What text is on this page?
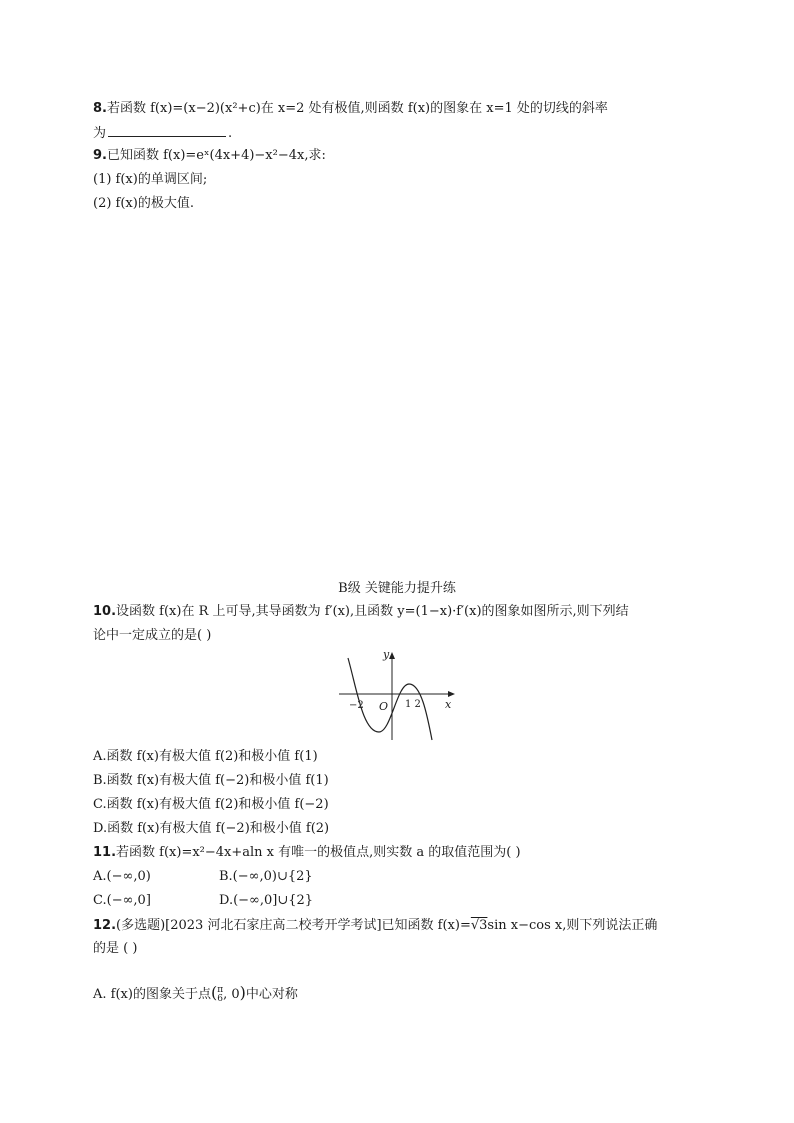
8.若函数 f(x)=(x−2)(x²+c)在 x=2 处有极值,则函数 f(x)的图象在 x=1 处的切线的斜率
为	.
9.已知函数 f(x)=eˣ(4x+4)−x²−4x,求:
(1) f(x)的单调区间;
(2) f(x)的极大值.
B级 关键能力提升练
10.设函数 f(x)在 R 上可导,其导函数为 f′(x),且函数 y=(1−x)·f′(x)的图象如图所示,则下列结
论中一定成立的是( )
y
x
−2 O 1 2
A.函数 f(x)有极大值 f(2)和极小值 f(1)
B.函数 f(x)有极大值 f(−2)和极小值 f(1)
C.函数 f(x)有极大值 f(2)和极小值 f(−2)
D.函数 f(x)有极大值 f(−2)和极小值 f(2)
11.若函数 f(x)=x²−4x+aln x 有唯一的极值点,则实数 a 的取值范围为( )
A.(−∞,0)	B.(−∞,0)∪{2}
C.(−∞,0]	D.(−∞,0]∪{2}
12.(多选题)[2023 河北石家庄高二校考开学考试]已知函数 f(x)=√3sin x−cos x,则下列说法正确
的是 ( )
A. f(x)的图象关于点(π
6, 0)中心对称
